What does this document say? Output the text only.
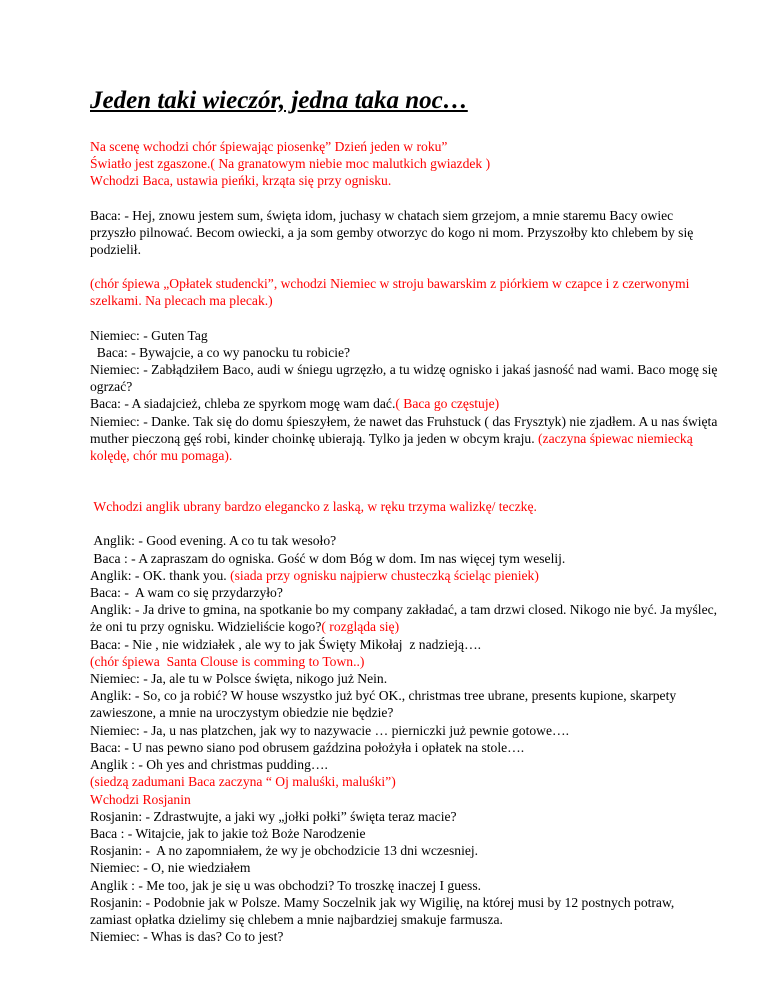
Jeden taki wieczór, jedna taka noc…

Na scenę wchodzi chór śpiewając piosenkę” Dzień jeden w roku”

Światło jest zgaszone.( Na granatowym niebie moc malutkich gwiazdek )

Wchodzi Baca, ustawia pieńki, krząta się przy ognisku.

Baca: - Hej, znowu jestem sum, święta idom, juchasy w chatach siem grzejom, a mnie staremu Bacy owiec przyszło pilnować. Becom owiecki, a ja som gemby otworzyc do kogo ni mom. Przyszołby kto chlebem by się podzielił.

(chór śpiewa „Opłatek studencki”, wchodzi Niemiec w stroju bawarskim z piórkiem w czapce i z czerwonymi szelkami. Na plecach ma plecak.)

Niemiec: - Guten Tag

Baca: - Bywajcie, a co wy panocku tu robicie?

Niemiec: - Zabłądziłem Baco, audi w śniegu ugrzęzło, a tu widzę ognisko i jakaś jasność nad wami. Baco mogę się ogrzać?

Baca: - A siadajcież, chleba ze spyrkom mogę wam dać.( Baca go częstuje)

Niemiec: - Danke. Tak się do domu śpieszyłem, że nawet das Fruhstuck ( das Frysztyk) nie zjadłem. A u nas święta muther pieczoną gęś robi, kinder choinkę ubierają. Tylko ja jeden w obcym kraju. (zaczyna śpiewac niemiecką kolędę, chór mu pomaga).

Wchodzi anglik ubrany bardzo elegancko z laską, w ręku trzyma walizkę/ teczkę.

Anglik: - Good evening. A co tu tak wesoło?

Baca : - A zapraszam do ogniska. Gość w dom Bóg w dom. Im nas więcej tym weselij.

Anglik: - OK. thank you. (siada przy ognisku najpierw chusteczką ścieląc pieniek)

Baca: -  A wam co się przydarzyło?

Anglik: - Ja drive to gmina, na spotkanie bo my company zakładać, a tam drzwi closed. Nikogo nie być. Ja myślec, że oni tu przy ognisku. Widzieliście kogo?( rozgląda się)

Baca: - Nie , nie widziałek , ale wy to jak Święty Mikołaj  z nadzieją….

(chór śpiewa  Santa Clouse is comming to Town..)

Niemiec: - Ja, ale tu w Polsce święta, nikogo już Nein.

Anglik: - So, co ja robić? W house wszystko już być OK., christmas tree ubrane, presents kupione, skarpety zawieszone, a mnie na uroczystym obiedzie nie będzie?

Niemiec: - Ja, u nas platzchen, jak wy to nazywacie … pierniczki już pewnie gotowe….

Baca: - U nas pewno siano pod obrusem gaździna położyła i opłatek na stole….

Anglik : - Oh yes and christmas pudding….

(siedzą zadumani Baca zaczyna “ Oj maluśki, maluśki”)

Wchodzi Rosjanin

Rosjanin: - Zdrastwujte, a jaki wy „jołki połki” święta teraz macie?

Baca : - Witajcie, jak to jakie toż Boże Narodzenie

Rosjanin: -  A no zapomniałem, że wy je obchodzicie 13 dni wczesniej.

Niemiec: - O, nie wiedziałem

Anglik : - Me too, jak je się u was obchodzi? To troszkę inaczej I guess.

Rosjanin: - Podobnie jak w Polsze. Mamy Soczelnik jak wy Wigilię, na której musi by 12 postnych potraw, zamiast opłatka dzielimy się chlebem a mnie najbardziej smakuje farmusza.

Niemiec: - Whas is das? Co to jest?
